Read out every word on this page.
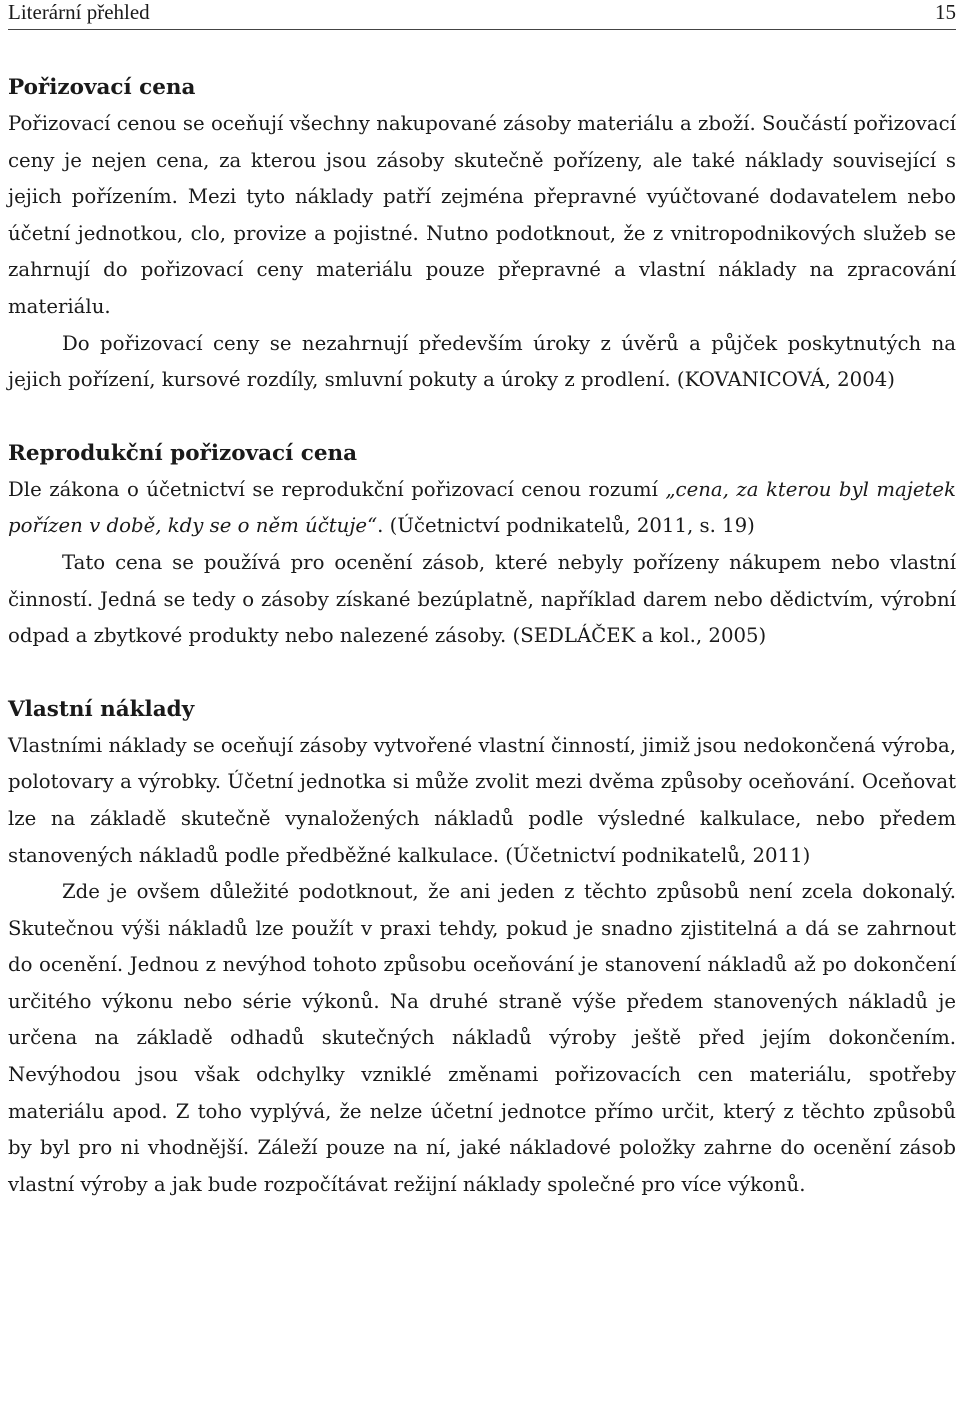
Literární přehled	15
Pořizovací cena

Pořizovací cenou se oceňují všechny nakupované zásoby materiálu a zboží. Součástí pořizovací ceny je nejen cena, za kterou jsou zásoby skutečně pořízeny, ale také náklady související s jejich pořízením. Mezi tyto náklady patří zejména přepravné vyúčtované dodavatelem nebo účetní jednotkou, clo, provize a pojistné. Nutno podotknout, že z vnitropodnikových služeb se zahrnují do pořizovací ceny materiálu pouze přepravné a vlastní náklady na zpracování materiálu.

Do pořizovací ceny se nezahrnují především úroky z úvěrů a půjček poskytnutých na jejich pořízení, kursové rozdíly, smluvní pokuty a úroky z prodlení. (KOVANICOVÁ, 2004)

Reprodukční pořizovací cena

Dle zákona o účetnictví se reprodukční pořizovací cenou rozumí „cena, za kterou byl majetek pořízen v době, kdy se o něm účtuje“. (Účetnictví podnikatelů, 2011, s. 19)

Tato cena se používá pro ocenění zásob, které nebyly pořízeny nákupem nebo vlastní činností. Jedná se tedy o zásoby získané bezúplatně, například darem nebo dědictvím, výrobní odpad a zbytkové produkty nebo nalezené zásoby. (SEDLÁČEK a kol., 2005)

Vlastní náklady

Vlastními náklady se oceňují zásoby vytvořené vlastní činností, jimiž jsou nedokončená výroba, polotovary a výrobky. Účetní jednotka si může zvolit mezi dvěma způsoby oceňování. Oceňovat lze na základě skutečně vynaložených nákladů podle výsledné kalkulace, nebo předem stanovených nákladů podle předběžné kalkulace. (Účetnictví podnikatelů, 2011)

Zde je ovšem důležité podotknout, že ani jeden z těchto způsobů není zcela dokonalý. Skutečnou výši nákladů lze použít v praxi tehdy, pokud je snadno zjistitelná a dá se zahrnout do ocenění. Jednou z nevýhod tohoto způsobu oceňování je stanovení nákladů až po dokončení určitého výkonu nebo série výkonů. Na druhé straně výše předem stanovených nákladů je určena na základě odhadů skutečných nákladů výroby ještě před jejím dokončením. Nevýhodou jsou však odchylky vzniklé změnami pořizovacích cen materiálu, spotřeby materiálu apod. Z toho vyplývá, že nelze účetní jednotce přímo určit, který z těchto způsobů by byl pro ni vhodnější. Záleží pouze na ní, jaké nákladové položky zahrne do ocenění zásob vlastní výroby a jak bude rozpočítávat režijní náklady společné pro více výkonů.
